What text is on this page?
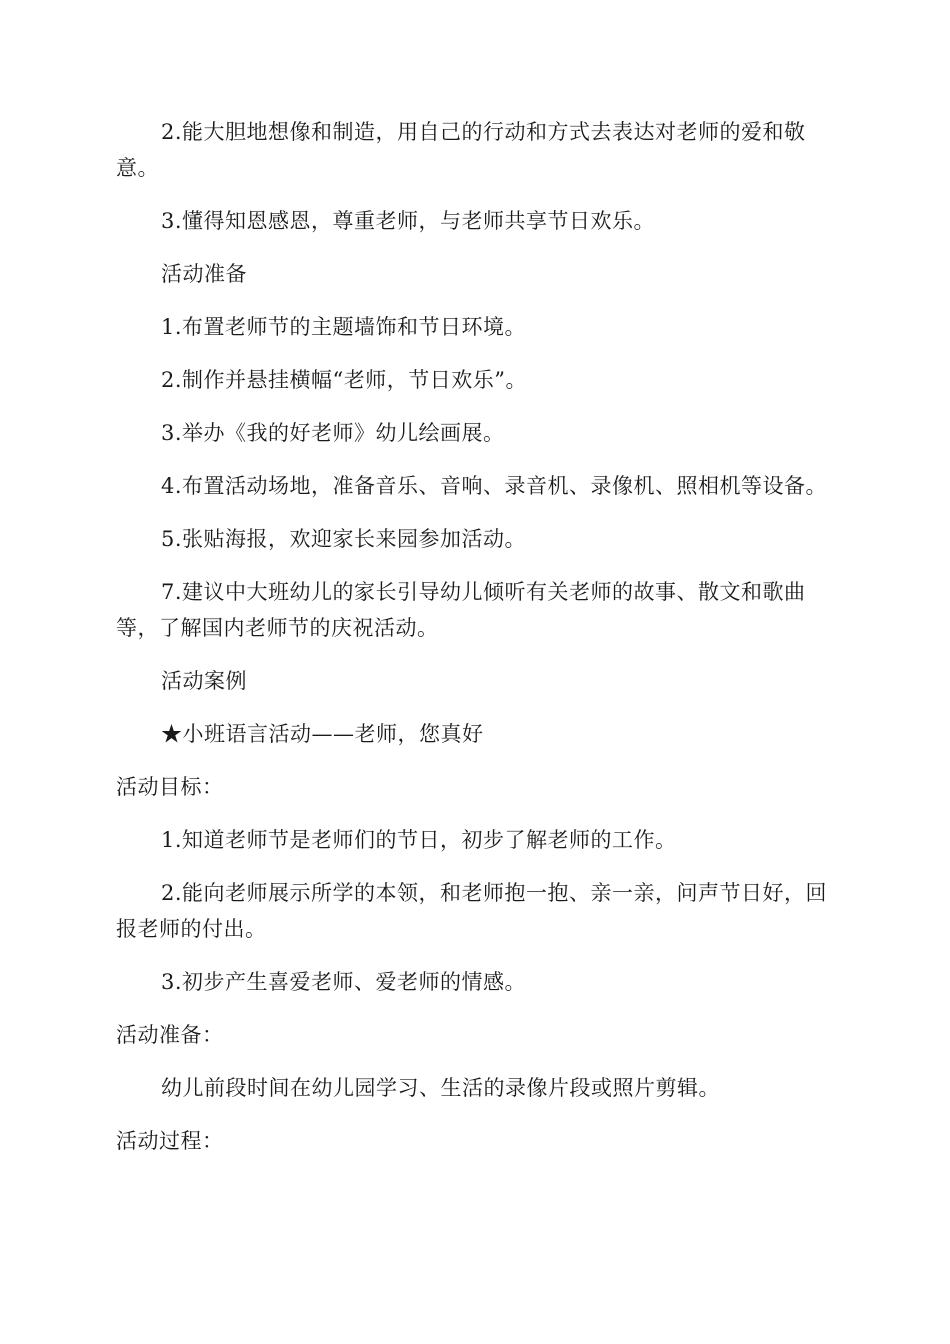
2.能大胆地想像和制造，用自己的行动和方式去表达对老师的爱和敬意。

3.懂得知恩感恩，尊重老师，与老师共享节日欢乐。

活动准备

1.布置老师节的主题墙饰和节日环境。

2.制作并悬挂横幅“老师，节日欢乐”。

3.举办《我的好老师》幼儿绘画展。

4.布置活动场地，准备音乐、音响、录音机、录像机、照相机等设备。

5.张贴海报，欢迎家长来园参加活动。

7.建议中大班幼儿的家长引导幼儿倾听有关老师的故事、散文和歌曲等，了解国内老师节的庆祝活动。

活动案例

★小班语言活动——老师，您真好

活动目标：

1.知道老师节是老师们的节日，初步了解老师的工作。

2.能向老师展示所学的本领，和老师抱一抱、亲一亲，问声节日好，回报老师的付出。

3.初步产生喜爱老师、爱老师的情感。

活动准备：

幼儿前段时间在幼儿园学习、生活的录像片段或照片剪辑。

活动过程：
